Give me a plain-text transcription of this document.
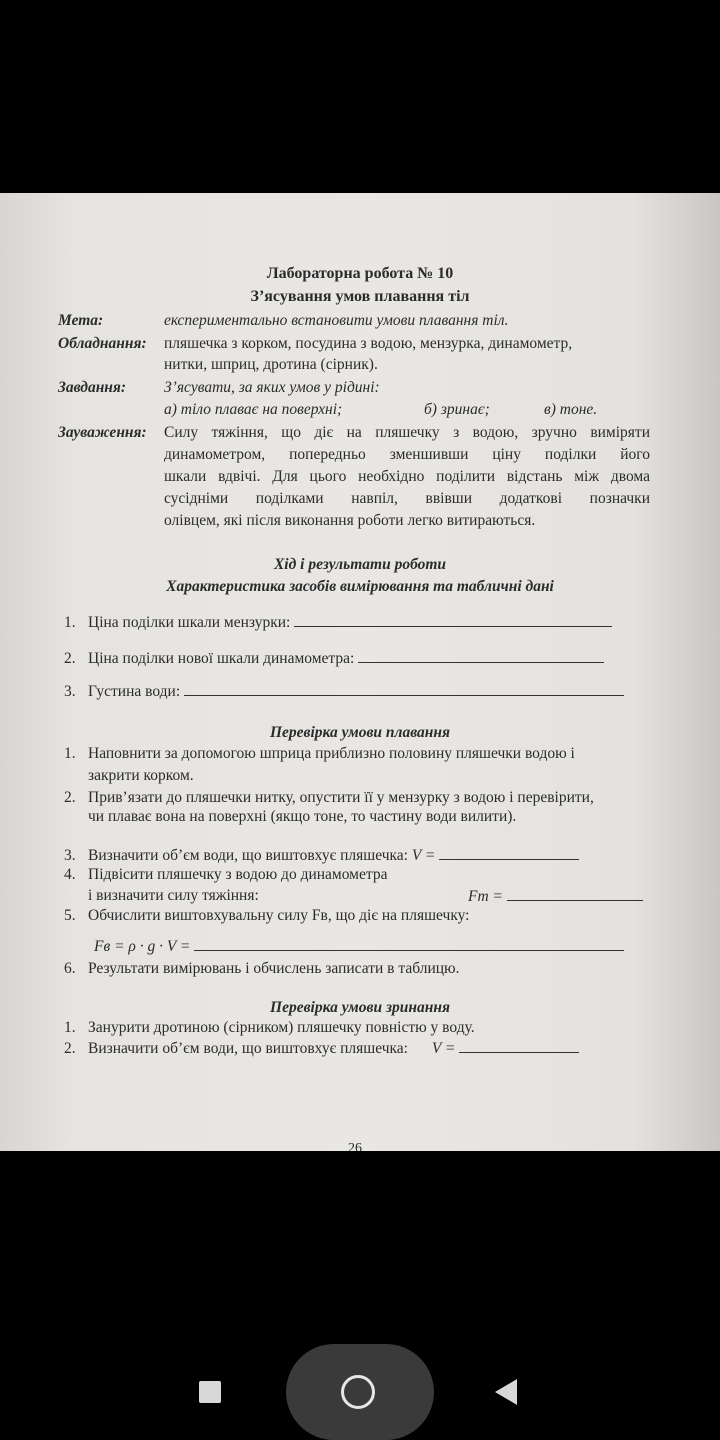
Лабораторна робота № 10
З’ясування умов плавання тіл
Мета:	експериментально встановити умови плавання тіл.
Обладнання: пляшечка з корком, посудина з водою, мензурка, динамометр,
нитки, шприц, дротина (сірник).
Завдання: З’ясувати, за яких умов у рідині:
а) тіло плаває на поверхні;	б) зринає;	в) тоне.
Зауваження: Силу тяжіння, що діє на пляшечку з водою, зручно виміряти
динамометром, попередньо зменшивши ціну поділки його
шкали вдвічі. Для цього необхідно поділити відстань між двома
сусідніми поділками навпіл, ввівши додаткові позначки
олівцем, які після виконання роботи легко витираються.
Хід і результати роботи
Характеристика засобів вимірювання та табличні дані
1. Ціна поділки шкали мензурки:
2. Ціна поділки нової шкали динамометра:
3. Густина води:
Перевірка умови плавання
1. Наповнити за допомогою шприца приблизно половину пляшечки водою і
закрити корком.
2. Прив’язати до пляшечки нитку, опустити її у мензурку з водою і перевірити,
чи плаває вона на поверхні (якщо тоне, то частину води вилити).
3. Визначити об’єм води, що виштовхує пляшечка: V =
4. Підвісити пляшечку з водою до динамометра
і визначити силу тяжіння:	Fт =
5. Обчислити виштовхувальну силу Fв, що діє на пляшечку:
Fв = ρ · g · V =
6. Результати вимірювань і обчислень записати в таблицю.
Перевірка умови зринання
1. Занурити дротиною (сірником) пляшечку повністю у воду.
2. Визначити об’єм води, що виштовхує пляшечка: V =
26
